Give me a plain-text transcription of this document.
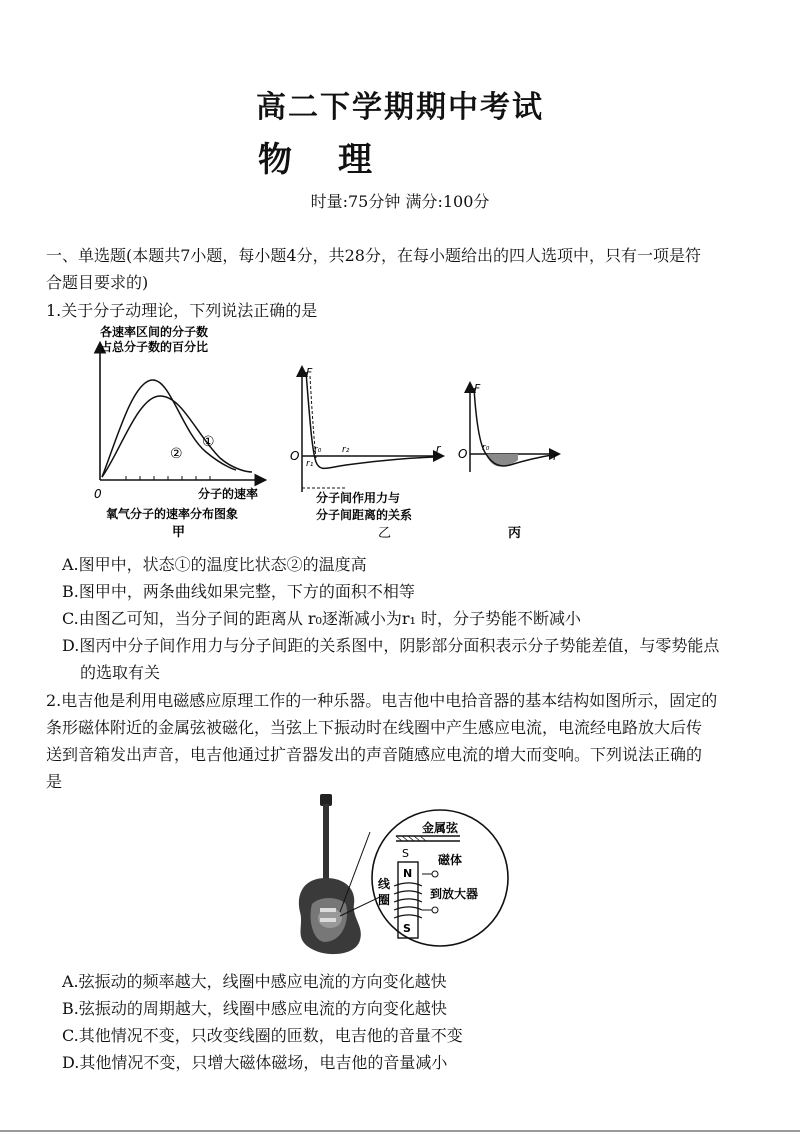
高二下学期期中考试
物理
时量:75分钟 满分:100分
一、单选题(本题共7小题，每小题4分，共28分，在每小题给出的四人选项中，只有一项是符
合题目要求的)
1.关于分子动理论，下列说法正确的是
各速率区间的分子数
占总分子数的百分比
0	分子的速率
①
②
氧气分子的速率分布图象
甲
F
r
O
r₁
r₀ r₂
分子间作用力与
分子间距离的关系
乙
F
r
O r₀
丙
A.图甲中，状态①的温度比状态②的温度高
B.图甲中，两条曲线如果完整，下方的面积不相等
C.由图乙可知，当分子间的距离从 r₀逐渐减小为r₁ 时，分子势能不断减小
D.图丙中分子间作用力与分子间距的关系图中，阴影部分面积表示分子势能差值，与零势能点
的选取有关
2.电吉他是利用电磁感应原理工作的一种乐器。电吉他中电拾音器的基本结构如图所示，固定的
条形磁体附近的金属弦被磁化，当弦上下振动时在线圈中产生感应电流，电流经电路放大后传
送到音箱发出声音，电吉他通过扩音器发出的声音随感应电流的增大而变响。下列说法正确的
是
金属弦
S
N
S
磁体
线
圈	到放大器
A.弦振动的频率越大，线圈中感应电流的方向变化越快
B.弦振动的周期越大，线圈中感应电流的方向变化越快
C.其他情况不变，只改变线圈的匝数，电吉他的音量不变
D.其他情况不变，只增大磁体磁场，电吉他的音量减小
